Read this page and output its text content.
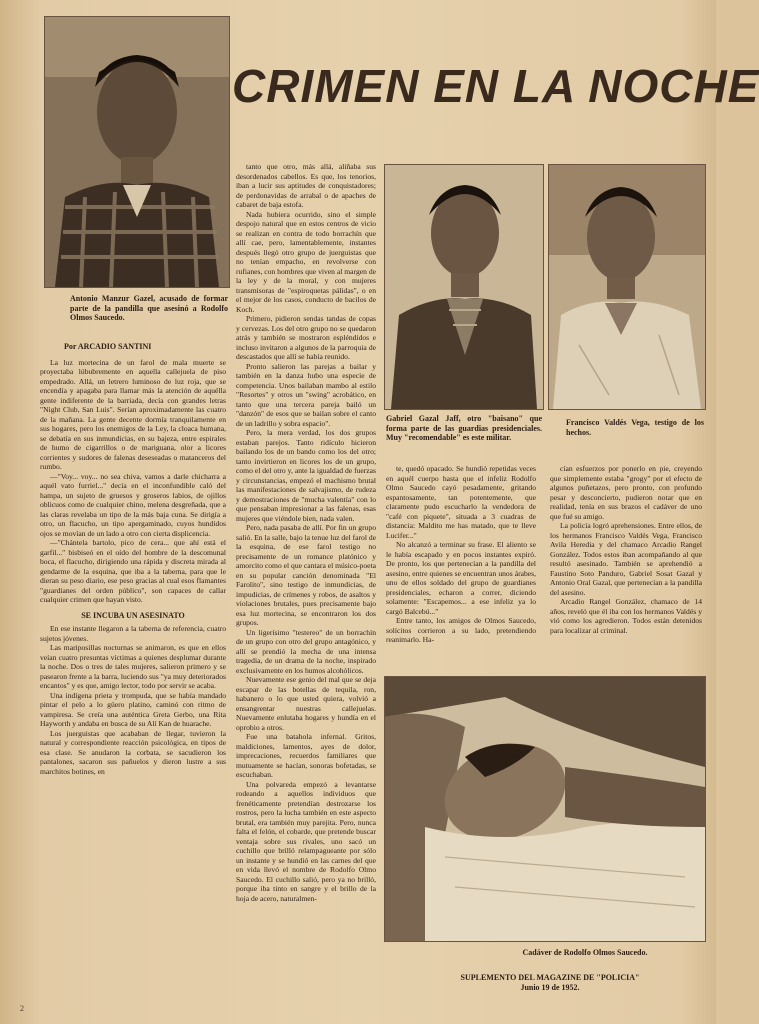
CRIMEN EN LA NOCHE
Antonio Manzur Gazel, acusado de formar parte de la pandilla que asesinó a Rodolfo Olmos Saucedo.
Gabriel Gazal Jaff, otro "baisano" que forma parte de las guardias presidenciales. Muy "recomendable" es este militar.
Francisco Valdés Vega, testigo de los hechos.
Cadáver de Rodolfo Olmos Saucedo.

Por ARCADIO SANTINI

La luz mortecina de un farol de mala muerte se proyectaba lúbubremente en aquella callejuela de piso empedrado. Allá, un letrero luminoso de luz roja, que se encendía y apagaba para llamar más la atención de aquélla gente indiferente de la barriada, decía con grandes letras "Night Club, San Luis". Serían aproximadamente las cuatro de la mañana. La gente decente dormía tranquilamente en sus hogares, pero los enemigos de la Ley, la cloaca humana, se debatía en sus inmundicias, en su bajeza, entre espirales de humo de cigarrillos o de mariguana, olor a licores corrientes y sudores de falenas deseseadas o matanceros del rumbo.

—"Voy... voy... no sea chiva, vamos a darle chicharra a aquél vato furriel..." decía en el inconfundible caló del hampa, un sujeto de gruesos y groseros labios, de ojillos oblicuos como de cualquier chino, melena desgreñada, que a las claras revelaba un tipo de la más baja cuna. Se dirigía a otro, un flacucho, un tipo apergaminado, cuyos hundidos ojos se movían de un lado a otro con cierta displicencia.

—"Chántela bartolo, pico de cera... que ahí está el garfil..." bisbiseó en el oído del hombre de la descomunal boca, el flacucho, dirigiendo una rápida y discreta mirada al gendarme de la esquina, que iba a la taberna, para que le dieran su peso diario, ese peso gracias al cual esos flamantes "guardianes del orden público", son capaces de callar cualquier crimen que hayan visto.

SE INCUBA UN ASESINATO

En ese instante llegaron a la taberna de referencia, cuatro sujetos jóvenes.

Las mariposillas nocturnas se animaron, es que en ellos veían cuatro presuntas víctimas a quienes desplumar durante la noche. Dos o tres de tales mujeres, salieron primero y se pasearon frente a la barra, luciendo sus "ya muy deteriorados encantos" y es que, amigo lector, todo por servir se acaba.

Una indígena prieta y trompuda, que se había mandado pintar el pelo a lo güero platino, caminó con ritmo de vampiresa. Se creía una auténtica Greta Gerbo, una Rita Hayworth y andaba en busca de su Alí Kan de huarache.

Los juerguistas que acababan de llegar, tuvieron la natural y correspondiente reacción psicológica, en tipos de esa clase. Se anudaron la corbata, se sacudieron los pantalones, sacaron sus pañuelos y dieron lustre a sus marchitos botines, en

tanto que otro, más allá, aliñaba sus desordenados cabellos. Es que, los tenorios, iban a lucir sus aptitudes de conquistadores; de perdonavidas de arrabal o de apaches de cabaret de baja estofa.

Nada hubiera ocurrido, sino el simple despojo natural que en estos centros de vicio se realizan en contra de todo borrachín que allí cae, pero, lamentablemente, instantes después llegó otro grupo de juerguistas que no tenían empacho, en revolverse con rufianes, con hombres que viven al margen de la ley y de la moral, y con mujeres transmisoras de "espiroquetas pálidas", o en el mejor de los casos, conducto de bacilos de Koch.

Primero, pidieron sendas tandas de copas y cervezas. Los del otro grupo no se quedaron atrás y también se mostraron espléndidos e incluso invitaron a algunos de la parroquia de descastados que allí se había reunido.

Pronto salieron las parejas a bailar y también en la danza hubo una especie de competencia. Unos bailaban mambo al estilo "Resortes" y otros un "swing" acrobático, en tanto que una tercera pareja bailó un "danzón" de esos que se bailan sobre el canto de un ladrillo y sobra espacio".

Pero, la mera verdad, los dos grupos estaban parejos. Tanto ridículo hicieron bailando los de un bando como los del otro; tanto invirtieron en licores los de un grupo, como el del otro y, ante la igualdad de fuerzas y circunstancias, empezó el machismo brutal las manifestaciones de salvajismo, de rudeza y demostraciones de "mucha valentía" con lo que pensaban impresionar a las falenas, esas mujeres que viéndole bien, nada valen.

Pero, nada pasaba de allí. Por fin un grupo salió. En la salle, bajo la tenue luz del farol de la esquina, de ese farol testigo no precisamente de un romance platónico y amorcito como el que cantara el músico-poeta en su popular canción denominada "El Farolito", sino testigo de inmundicias, de impudicias, de crímenes y robos, de asaltos y violaciones brutales, pues precisamente bajo esa luz mortecina, se encontraron los dos grupos.

Un ligerísimo "testereo" de un borrachín de un grupo con otro del grupo antagónico, y allí se prendió la mecha de una intensa tragedia, de un drama de la noche, inspirado exclusivamente en los humos alcohólicos.

Nuevamente ese genio del mal que se deja escapar de las botellas de tequila, ron, habanero o lo que usted quiera, volvió a ensangrentar nuestras callejuelas. Nuevamente enlutaba hogares y hundía en el oprobio a otros.

Fue una batahola infernal. Gritos, maldiciones, lamentos, ayes de dolor, imprecaciones, recuerdos familiares que mutuamente se hacían, sonoras bofetadas, se escuchaban.

Una polvareda empezó a levantarse rodeando a aquellos individuos que frenéticamente pretendían destrozarse los rostros, pero la lucha también en este aspecto brutal, era también muy parejita. Pero, nunca falta el felón, el cobarde, que pretende buscar ventaja sobre sus rivales, uno sacó un cuchillo que brilló relampagueante por sólo un instante y se hundió en las carnes del que en vida llevó el nombre de Rodolfo Olmo Saucedo. El cuchillo salió, pero ya no brilló, porque iba tinto en sangre y el brillo de la hoja de acero, naturalmen-

te, quedó opacado. Se hundió repetidas veces en aquél cuerpo hasta que el infeliz Rodolfo Olmo Saucedo cayó pesadamente, gritando espantosamente, tan potentemente, que claramente pudo escucharlo la vendedora de "café con piquete", situada a 3 cuadras de distancia: Maldito me has matado, que te lleve Lucifer..."

No alcanzó a terminar su frase. El aliento se le había escapado y en pocos instantes expiró. De pronto, los que pertenecían a la pandilla del asesino, entre quienes se encuentran unos árabes, uno de ellos soldado del grupo de guardianes presidenciales, echaron a correr, diciendo solamente: "Escapemos... a ese infeliz ya lo cargó Balcebú..."

Entre tanto, los amigos de Olmos Saucedo, solícitos corrieron a su lado, pretendiendo reanimarlo. Ha-

cían esfuerzos por ponerlo en pie, creyendo que simplemente estaba "grogy" por el efecto de algunos puñetazos, pero pronto, con profundo pesar y desconcierto, pudieron notar que en realidad, tenía en sus brazos el cadáver de uno que fué su amigo.

La policía logró aprehensiones. Entre ellos, de los hermanos Francisco Valdés Vega, Francisco Avila Heredia y del chamaco Arcadio Rangel González. Todos estos iban acompañando al que resultó asesinado. También se aprehendió a Faustino Soto Panduro, Gabriel Sosat Gazal y Antonio Oral Gazal, que pertenecían a la pandilla del asesino.

Arcadio Rangel González, chamaco de 14 años, reveló que él iba con los hermanos Valdés y vió como los agredieron. Todos están detenidos para localizar al criminal.

SUPLEMENTO DEL MAGAZINE DE "POLICIA"
Junio 19 de 1952.
2
